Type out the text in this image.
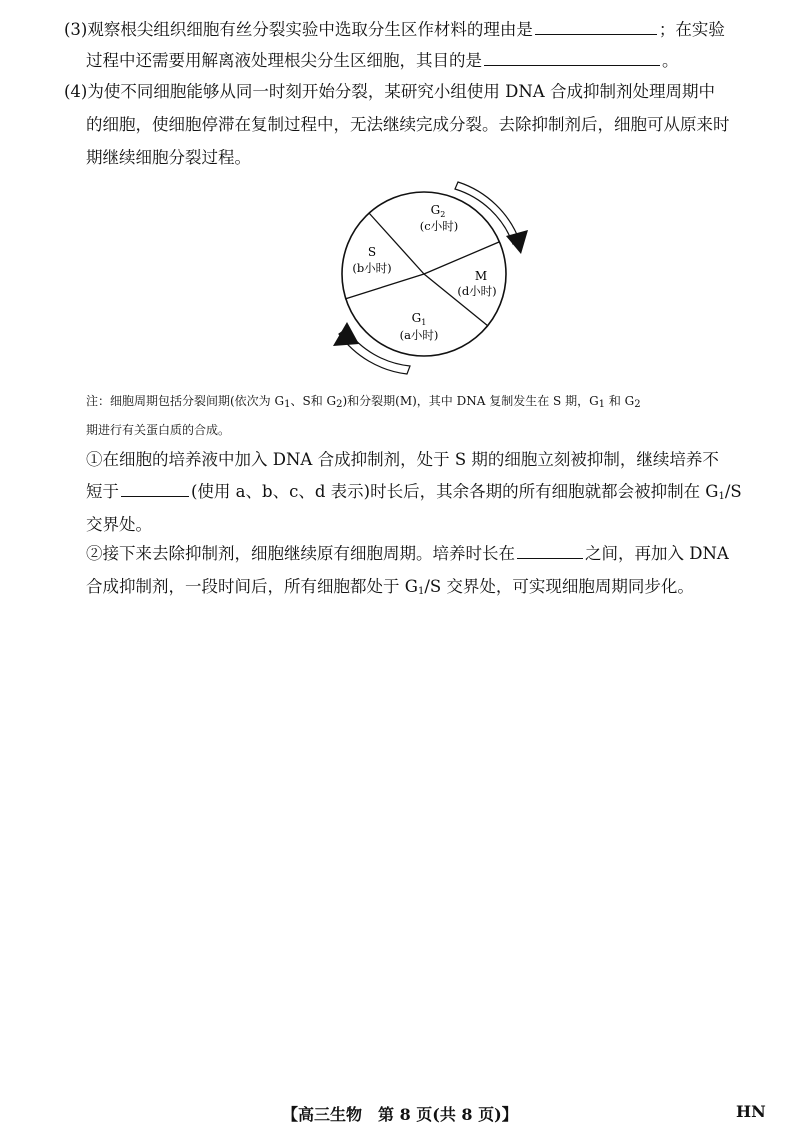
(3)观察根尖组织细胞有丝分裂实验中选取分生区作材料的理由是	；在实验
过程中还需要用解离液处理根尖分生区细胞，其目的是	。
(4)为使不同细胞能够从同一时刻开始分裂，某研究小组使用 DNA 合成抑制剂处理周期中
的细胞，使细胞停滞在复制过程中，无法继续完成分裂。去除抑制剂后，细胞可从原来时
期继续细胞分裂过程。
$G_2$
(c小时)
S
(b小时)
M
(d小时)
$G_1$
(a小时)
注：细胞周期包括分裂间期(依次为 $G_1$、S和 $G_2$)和分裂期(M)，其中 DNA 复制发生在 S 期，$G_1$ 和 $G_2$
期进行有关蛋白质的合成。
①在细胞的培养液中加入 DNA 合成抑制剂，处于 S 期的细胞立刻被抑制，继续培养不
短于	(使用 a、b、c、d 表示)时长后，其余各期的所有细胞就都会被抑制在 $G_1/S$
交界处。
②接下来去除抑制剂，细胞继续原有细胞周期。培养时长在	之间，再加入 DNA
合成抑制剂，一段时间后，所有细胞都处于 $G_1/S$ 交界处，可实现细胞周期同步化。
【高三生物　第 8 页(共 8 页)】	HN
